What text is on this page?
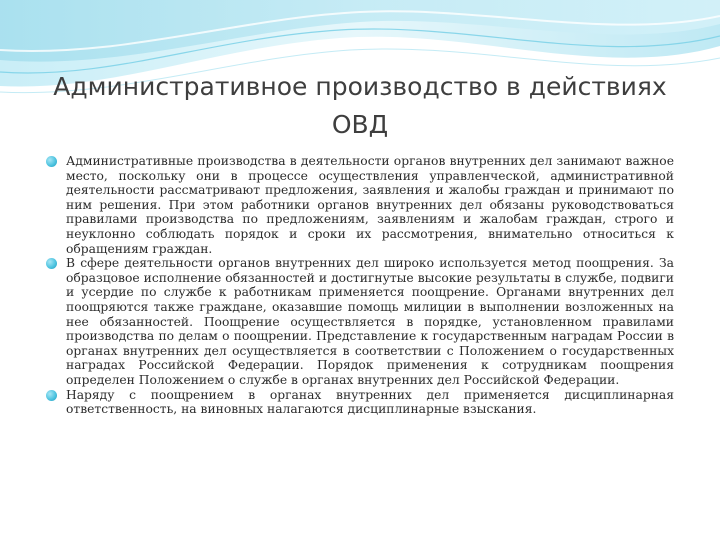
Административное производство в действиях ОВД
Административные производства в деятельности органов внутренних дел занимают важное место, поскольку они в процессе осуществления управленческой, административной деятельности рассматривают предложения, заявления и жалобы граждан и принимают по ним решения. При этом работники органов внутренних дел обязаны руководствоваться правилами производства по предложениям, заявлениям и жалобам граждан, строго и неуклонно соблюдать порядок и сроки их рассмотрения, внимательно относиться к обращениям граждан.
В сфере деятельности органов внутренних дел широко используется метод поощрения. За образцовое исполнение обязанностей и достигнутые высокие результаты в службе, подвиги и усердие по службе к работникам применяется поощрение. Органами внутренних дел поощряются также граждане, оказавшие помощь милиции в выполнении возложенных на нее обязанностей. Поощрение осуществляется в порядке, установленном правилами производства по делам о поощрении. Представление к государственным наградам России в органах внутренних дел осуществляется в соответствии с Положением о государственных наградах Российской Федерации. Порядок применения к сотрудникам поощрения определен Положением о службе в органах внутренних дел Российской Федерации.
Наряду с поощрением в органах внутренних дел применяется дисциплинарная ответственность, на виновных налагаются дисциплинарные взыскания.
